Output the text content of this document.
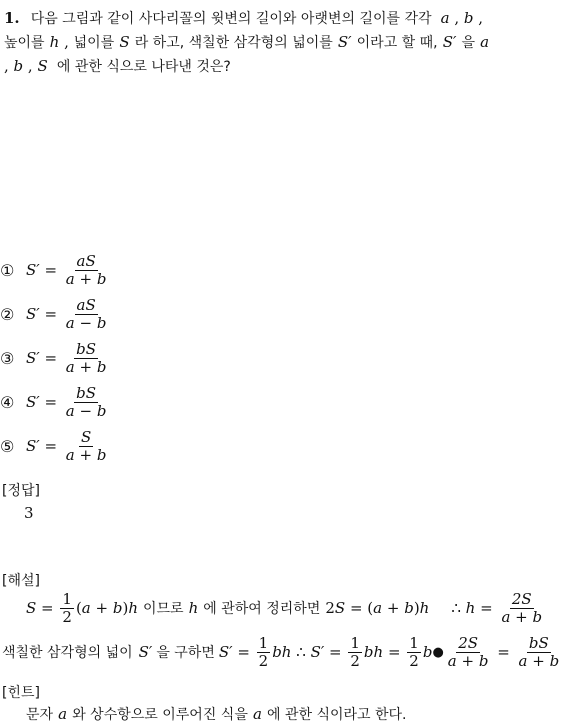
1. 다음 그림과 같이 사다리꼴의 윗변의 길이와 아랫변의 길이를 각각 a , b ,
높이를 h , 넓이를 S 라 하고, 색칠한 삼각형의 넓이를 S′ 이라고 할 때, S′ 을 a
, b , S 에 관한 식으로 나타낸 것은?
① $S' = \frac{aS}{a + b}$
② $S' = \frac{aS}{a - b}$
③ $S' = \frac{bS}{a + b}$
④ $S' = \frac{bS}{a - b}$
⑤ $S' = \frac{S}{a + b}$
[정답]
3
[해설]
$S = \frac{1}{2}$ ( a + b ) h 이므로 h 에 관하여 정리하면 2 S = ( a + b ) h ∴ $h = \frac{2S}{a + b}$
색칠한 삼각형의 넓이 S′ 을 구하면 $S' = \frac{1}{2}$ bh ∴ $S' = \frac{1}{2}$ bh = $\frac{1}{2}$ b ● $\frac{2S}{a + b} = \frac{bS}{a + b}$
[힌트]
문자 a 와 상수항으로 이루어진 식을 a 에 관한 식이라고 한다.
